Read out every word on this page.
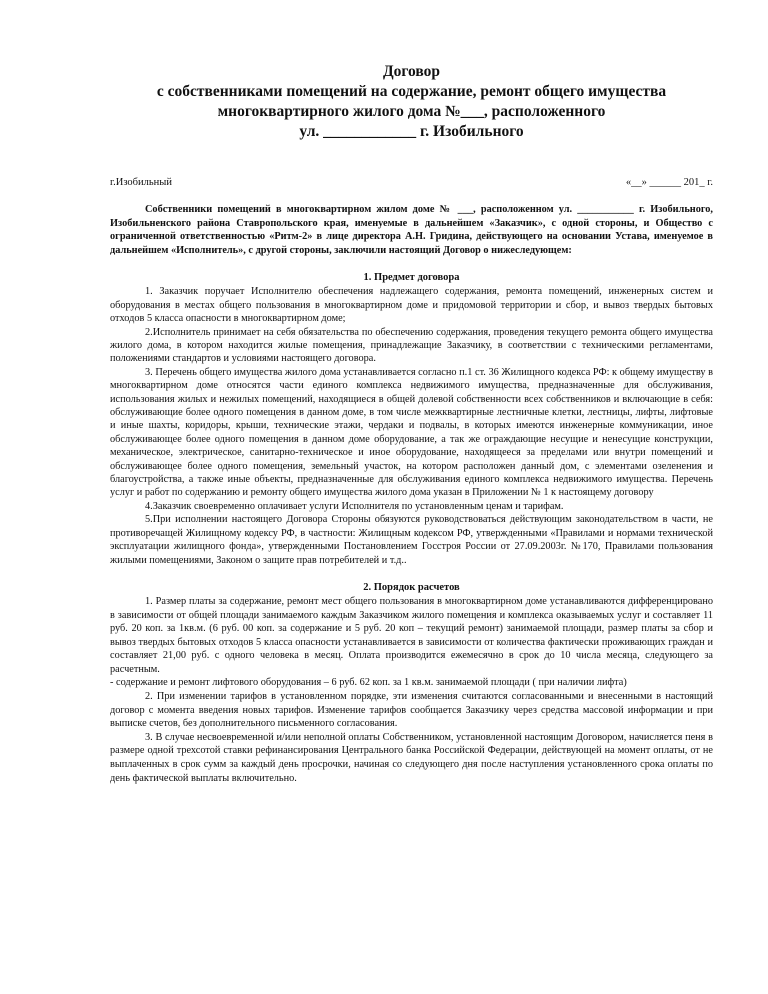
Договор
с собственниками помещений на содержание, ремонт общего имущества
многоквартирного жилого дома №___, расположенного
ул. ____________ г. Изобильного
г.Изобильный	«__» ______ 201_ г.

Собственники помещений в многоквартирном жилом доме № ___, расположенном ул. ___________ г. Изобильного, Изобильненского района Ставропольского края, именуемые в дальнейшем «Заказчик», с одной стороны, и Общество с ограниченной ответственностью «Ритм-2» в лице директора А.Н. Гридина, действующего на основании Устава, именуемое в дальнейшем «Исполнитель», с другой стороны, заключили настоящий Договор о нижеследующем:

1. Предмет договора

1. Заказчик поручает Исполнителю обеспечения надлежащего содержания, ремонта помещений, инженерных систем и оборудования в местах общего пользования в многоквартирном доме и придомовой территории и сбор, и вывоз твердых бытовых отходов 5 класса опасности в многоквартирном доме;

2.Исполнитель принимает на себя обязательства по обеспечению содержания, проведения текущего ремонта общего имущества жилого дома, в котором находится жилые помещения, принадлежащие Заказчику, в соответствии с техническими регламентами, положениями стандартов и условиями настоящего договора.

3. Перечень общего имущества жилого дома устанавливается согласно п.1 ст. 36 Жилищного кодекса РФ: к общему имуществу в многоквартирном доме относятся части единого комплекса недвижимого имущества, предназначенные для обслуживания, использования жилых и нежилых помещений, находящиеся в общей долевой собственности всех собственников и включающие в себя: обслуживающие более одного помещения в данном доме, в том числе межквартирные лестничные клетки, лестницы, лифты, лифтовые и иные шахты, коридоры, крыши, технические этажи, чердаки и подвалы, в которых имеются инженерные коммуникации, иное обслуживающее более одного помещения в данном доме оборудование, а так же ограждающие несущие и ненесущие конструкции, механическое, электрическое, санитарно-техническое и иное оборудование, находящееся за пределами или внутри помещений и обслуживающее более одного помещения, земельный участок, на котором расположен данный дом, с элементами озеленения и благоустройства, а также иные объекты, предназначенные для обслуживания единого комплекса недвижимого имущества. Перечень услуг и работ по содержанию и ремонту общего имущества жилого дома указан в Приложении № 1 к настоящему договору

4.Заказчик своевременно оплачивает услуги Исполнителя по установленным ценам и тарифам.

5.При исполнении настоящего Договора Стороны обязуются руководствоваться действующим законодательством в части, не противоречащей Жилищному кодексу РФ, в частности: Жилищным кодексом РФ, утвержденными «Правилами и нормами технической эксплуатации жилищного фонда», утвержденными Постановлением Госстроя России от 27.09.2003г. №170, Правилами пользования жилыми помещениями, Законом о защите прав потребителей и т.д..

2. Порядок расчетов

1. Размер платы за содержание, ремонт мест общего пользования в многоквартирном доме устанавливаются дифференцировано в зависимости от общей площади занимаемого каждым Заказчиком жилого помещения и комплекса оказываемых услуг и составляет 11 руб. 20 коп. за 1кв.м. (6 руб. 00 коп. за содержание и 5 руб. 20 коп – текущий ремонт) занимаемой площади, размер платы за сбор и вывоз твердых бытовых отходов 5 класса опасности устанавливается в зависимости от количества фактически проживающих граждан и составляет 21,00 руб. с одного человека в месяц. Оплата производится ежемесячно в срок до 10 числа месяца, следующего за расчетным.

- содержание и ремонт лифтового оборудования – 6 руб. 62 коп. за 1 кв.м. занимаемой площади ( при наличии лифта)

2. При изменении тарифов в установленном порядке, эти изменения считаются согласованными и внесенными в настоящий договор с момента введения новых тарифов. Изменение тарифов сообщается Заказчику через средства массовой информации и при выписке счетов, без дополнительного письменного согласования.

3. В случае несвоевременной и/или неполной оплаты Собственником, установленной настоящим Договором, начисляется пеня в размере одной трехсотой ставки рефинансирования Центрального банка Российской Федерации, действующей на момент оплаты, от не выплаченных в срок сумм за каждый день просрочки, начиная со следующего дня после наступления установленного срока оплаты по день фактической выплаты включительно.
